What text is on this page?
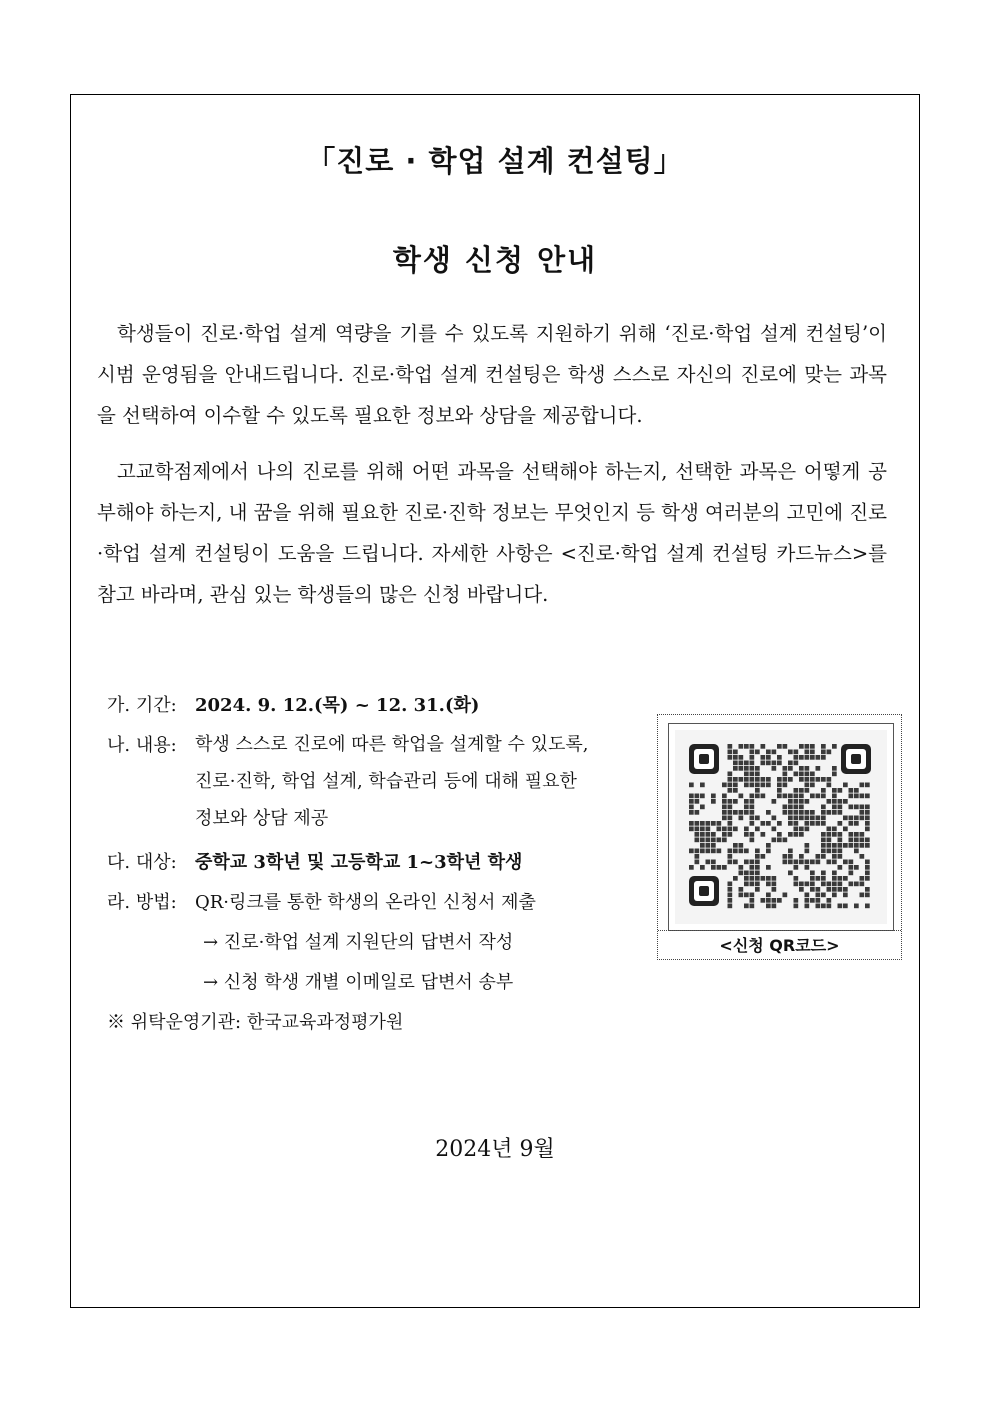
「진로 · 학업 설계 컨설팅」
학생 신청 안내

학생들이 진로·학업 설계 역량을 기를 수 있도록 지원하기 위해 ‘진로·학업 설계 컨설팅’이 시범 운영됨을 안내드립니다. 진로·학업 설계 컨설팅은 학생 스스로 자신의 진로에 맞는 과목을 선택하여 이수할 수 있도록 필요한 정보와 상담을 제공합니다.

고교학점제에서 나의 진로를 위해 어떤 과목을 선택해야 하는지, 선택한 과목은 어떻게 공부해야 하는지, 내 꿈을 위해 필요한 진로·진학 정보는 무엇인지 등 학생 여러분의 고민에 진로·학업 설계 컨설팅이 도움을 드립니다. 자세한 사항은 <진로·학업 설계 컨설팅 카드뉴스>를 참고 바라며, 관심 있는 학생들의 많은 신청 바랍니다.

가. 기간: 2024. 9. 12.(목) ~ 12. 31.(화)
나. 내용: 학생 스스로 진로에 따른 학업을 설계할 수 있도록,
진로·진학, 학업 설계, 학습관리 등에 대해 필요한
정보와 상담 제공
다. 대상: 중학교 3학년 및 고등학교 1~3학년 학생
라. 방법: QR·링크를 통한 학생의 온라인 신청서 제출
→ 진로·학업 설계 지원단의 답변서 작성
→ 신청 학생 개별 이메일로 답변서 송부
※ 위탁운영기관: 한국교육과정평가원
<신청 QR코드>
2024년 9월
